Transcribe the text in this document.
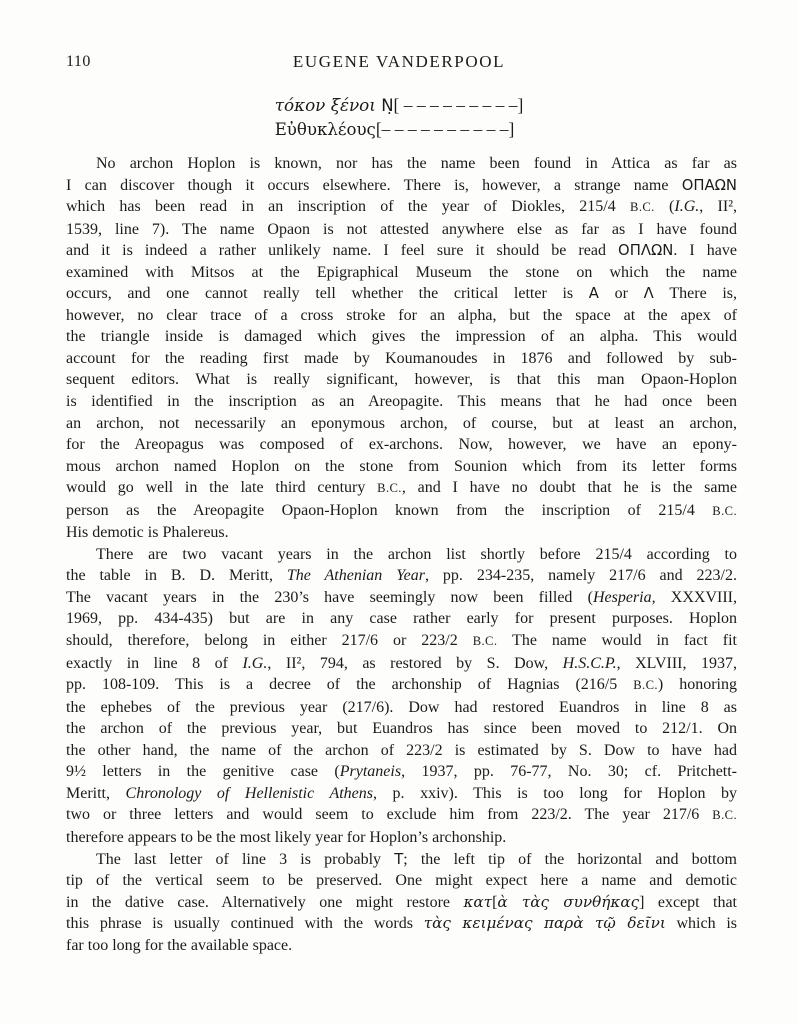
110	EUGENE VANDERPOOL
τόκον ξένοι Ν̣[ – – – – – – – – –]
Εὐθυκλέους[– – – – – – – – – –]
No archon Hoplon is known, nor has the name been found in Attica as far as
I can discover though it occurs elsewhere. There is, however, a strange name ΟΠΑΩΝ
which has been read in an inscription of the year of Diokles, 215/4 B.C. (I.G., II²,
1539, line 7). The name Opaon is not attested anywhere else as far as I have found
and it is indeed a rather unlikely name. I feel sure it should be read ΟΠΛΩΝ. I have
examined with Mitsos at the Epigraphical Museum the stone on which the name
occurs, and one cannot really tell whether the critical letter is Α or Λ There is,
however, no clear trace of a cross stroke for an alpha, but the space at the apex of
the triangle inside is damaged which gives the impression of an alpha. This would
account for the reading first made by Koumanoudes in 1876 and followed by sub-
sequent editors. What is really significant, however, is that this man Opaon-Hoplon
is identified in the inscription as an Areopagite. This means that he had once been
an archon, not necessarily an eponymous archon, of course, but at least an archon,
for the Areopagus was composed of ex-archons. Now, however, we have an epony-
mous archon named Hoplon on the stone from Sounion which from its letter forms
would go well in the late third century B.C., and I have no doubt that he is the same
person as the Areopagite Opaon-Hoplon known from the inscription of 215/4 B.C.
His demotic is Phalereus.
There are two vacant years in the archon list shortly before 215/4 according to
the table in B. D. Meritt, The Athenian Year, pp. 234-235, namely 217/6 and 223/2.
The vacant years in the 230’s have seemingly now been filled (Hesperia, XXXVIII,
1969, pp. 434-435) but are in any case rather early for present purposes. Hoplon
should, therefore, belong in either 217/6 or 223/2 B.C. The name would in fact fit
exactly in line 8 of I.G., II², 794, as restored by S. Dow, H.S.C.P., XLVIII, 1937,
pp. 108-109. This is a decree of the archonship of Hagnias (216/5 B.C.) honoring
the ephebes of the previous year (217/6). Dow had restored Euandros in line 8 as
the archon of the previous year, but Euandros has since been moved to 212/1. On
the other hand, the name of the archon of 223/2 is estimated by S. Dow to have had
9½ letters in the genitive case (Prytaneis, 1937, pp. 76-77, No. 30; cf. Pritchett-
Meritt, Chronology of Hellenistic Athens, p. xxiv). This is too long for Hoplon by
two or three letters and would seem to exclude him from 223/2. The year 217/6 B.C.
therefore appears to be the most likely year for Hoplon’s archonship.
The last letter of line 3 is probably Τ; the left tip of the horizontal and bottom
tip of the vertical seem to be preserved. One might expect here a name and demotic
in the dative case. Alternatively one might restore κατ[ὰ τὰς συνθήκας] except that
this phrase is usually continued with the words τὰς κειμένας παρὰ τῷ δεῖνι which is
far too long for the available space.
